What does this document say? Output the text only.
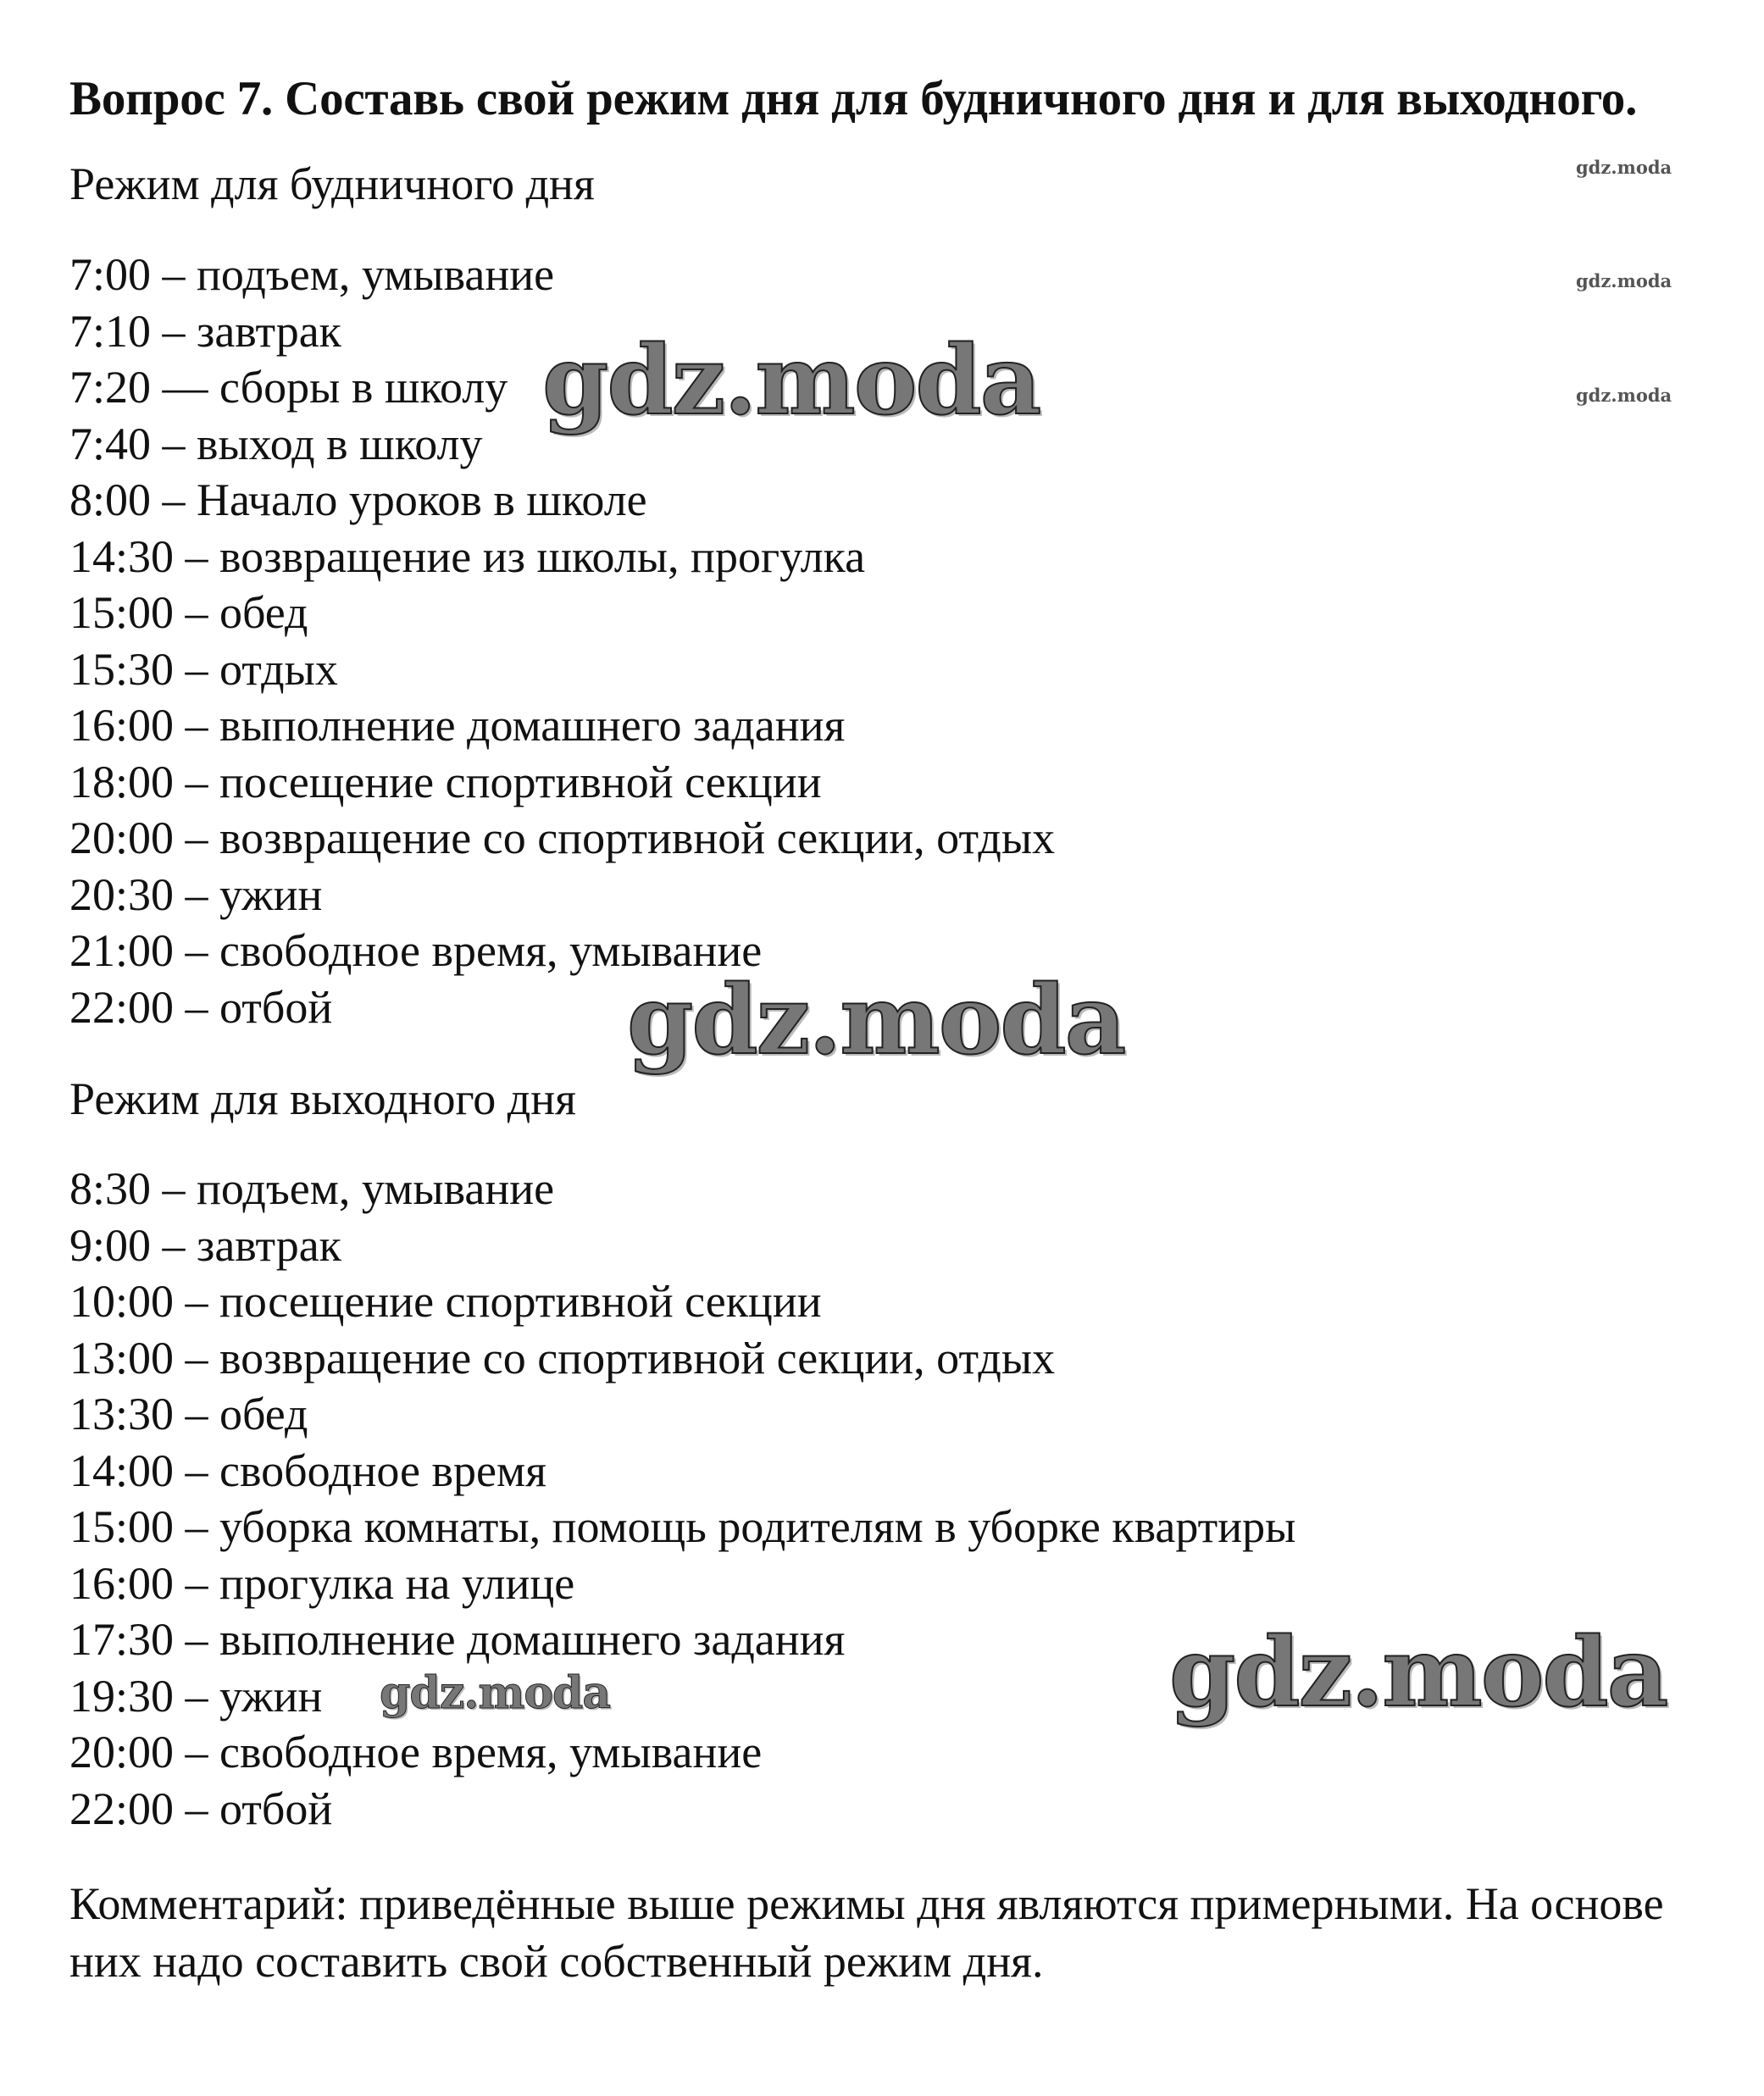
Вопрос 7. Составь свой режим дня для будничного дня и для выходного.
Режим для будничного дня
7:00 – подъем, умывание
7:10 – завтрак
7:20 — сборы в школу
7:40 – выход в школу
8:00 – Начало уроков в школе
14:30 – возвращение из школы, прогулка
15:00 – обед
15:30 – отдых
16:00 – выполнение домашнего задания
18:00 – посещение спортивной секции
20:00 – возвращение со спортивной секции, отдых
20:30 – ужин
21:00 – свободное время, умывание
22:00 – отбой
Режим для выходного дня
8:30 – подъем, умывание
9:00 – завтрак
10:00 – посещение спортивной секции
13:00 – возвращение со спортивной секции, отдых
13:30 – обед
14:00 – свободное время
15:00 – уборка комнаты, помощь родителям в уборке квартиры
16:00 – прогулка на улице
17:30 – выполнение домашнего задания
19:30 – ужин
20:00 – свободное время, умывание
22:00 – отбой
Комментарий: приведённые выше режимы дня являются примерными. На основе них надо составить свой собственный режим дня.
gdz.moda
gdz.moda
gdz.moda
gdz.moda
gdz.moda
gdz.moda
gdz.moda
